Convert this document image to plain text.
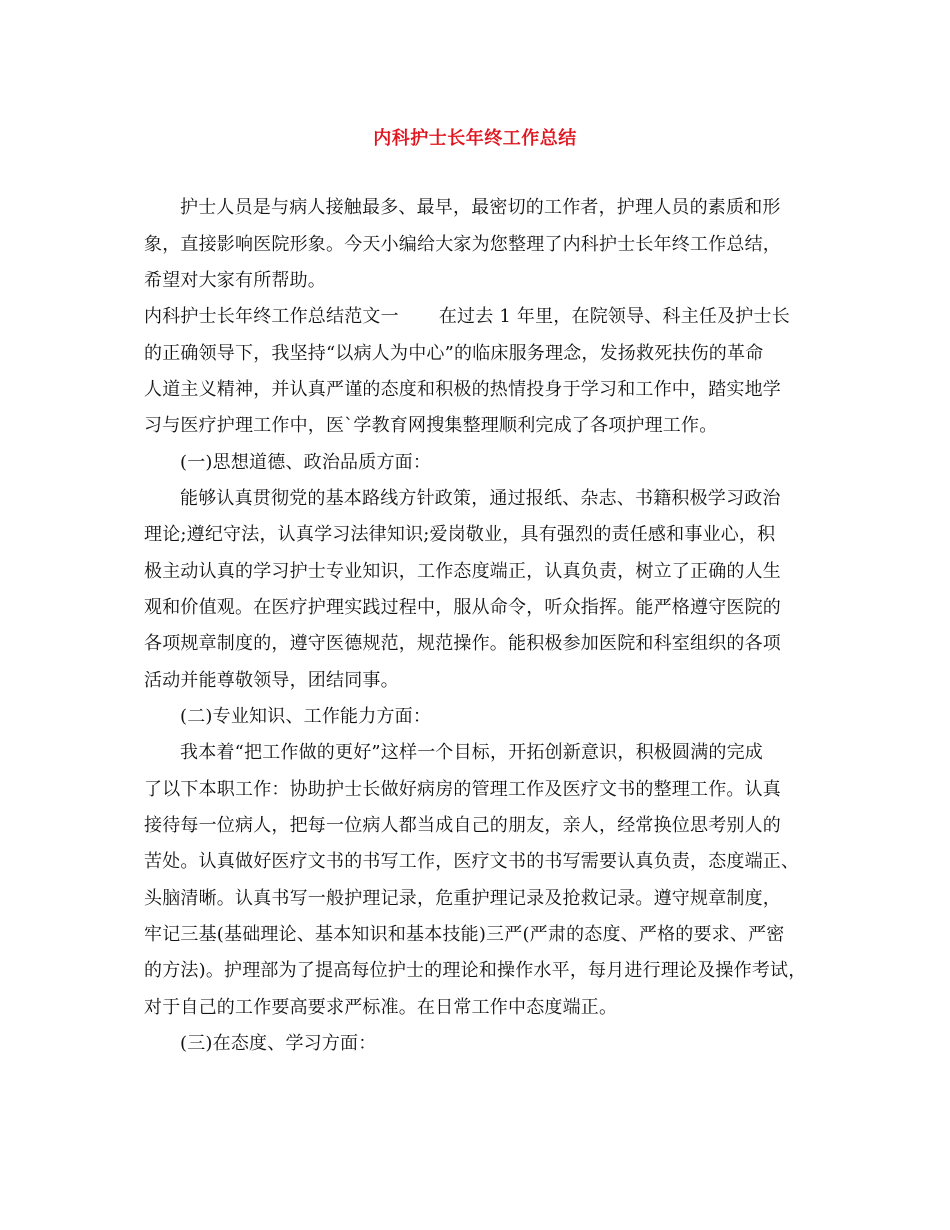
内科护士长年终工作总结
护士人员是与病人接触最多、最早，最密切的工作者，护理人员的素质和形
象，直接影响医院形象。今天小编给大家为您整理了内科护士长年终工作总结，
希望对大家有所帮助。
内科护士长年终工作总结范文一 在过去 1 年里，在院领导、科主任及护士长
的正确领导下，我坚持“以病人为中心”的临床服务理念，发扬救死扶伤的革命
人道主义精神，并认真严谨的态度和积极的热情投身于学习和工作中，踏实地学
习与医疗护理工作中，医`学教育网搜集整理顺利完成了各项护理工作。
(一)思想道德、政治品质方面：
能够认真贯彻党的基本路线方针政策，通过报纸、杂志、书籍积极学习政治
理论;遵纪守法，认真学习法律知识;爱岗敬业，具有强烈的责任感和事业心，积
极主动认真的学习护士专业知识，工作态度端正，认真负责，树立了正确的人生
观和价值观。在医疗护理实践过程中，服从命令，听众指挥。能严格遵守医院的
各项规章制度的，遵守医德规范，规范操作。能积极参加医院和科室组织的各项
活动并能尊敬领导，团结同事。
(二)专业知识、工作能力方面：
我本着“把工作做的更好”这样一个目标，开拓创新意识，积极圆满的完成
了以下本职工作：协助护士长做好病房的管理工作及医疗文书的整理工作。认真
接待每一位病人，把每一位病人都当成自己的朋友，亲人，经常换位思考别人的
苦处。认真做好医疗文书的书写工作，医疗文书的书写需要认真负责，态度端正、
头脑清晰。认真书写一般护理记录，危重护理记录及抢救记录。遵守规章制度，
牢记三基(基础理论、基本知识和基本技能)三严(严肃的态度、严格的要求、严密
的方法)。护理部为了提高每位护士的理论和操作水平，每月进行理论及操作考试，
对于自己的工作要高要求严标准。在日常工作中态度端正。
(三)在态度、学习方面：
